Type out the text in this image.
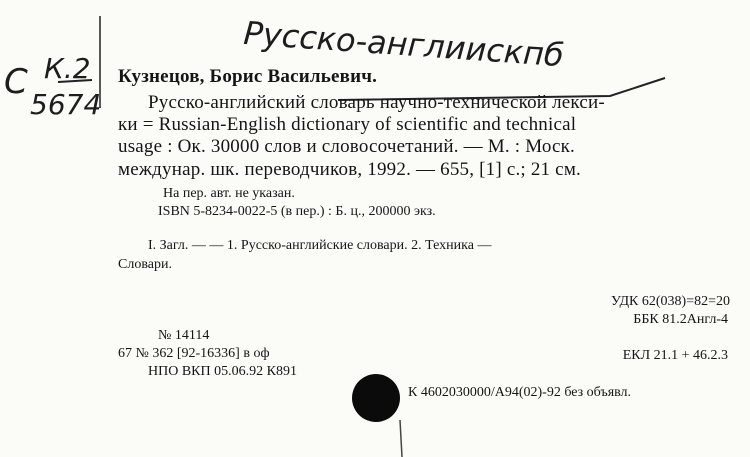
Русско-англиискпб
С К.2
5674
Кузнецов, Борис Васильевич.
Русско-английский словарь научно-технической лекси-
ки = Russian-English dictionary of scientific and technical
usage : Ок. 30000 слов и словосочетаний. — М. : Моск.
междунар. шк. переводчиков, 1992. — 655, [1] с.; 21 см.
На пер. авт. не указан.
ISBN 5-8234-0022-5 (в пер.) : Б. ц., 200000 экз.
I. Загл. — — 1. Русско-английские словари. 2. Техника —
Словари.
УДК 62(038)=82=20
ББК 81.2Англ-4
№ 14114
67 № 362 [92-16336] в оф
НПО ВКП 05.06.92 К891
ЕКЛ 21.1 + 46.2.3
К 4602030000/А94(02)-92 без объявл.
